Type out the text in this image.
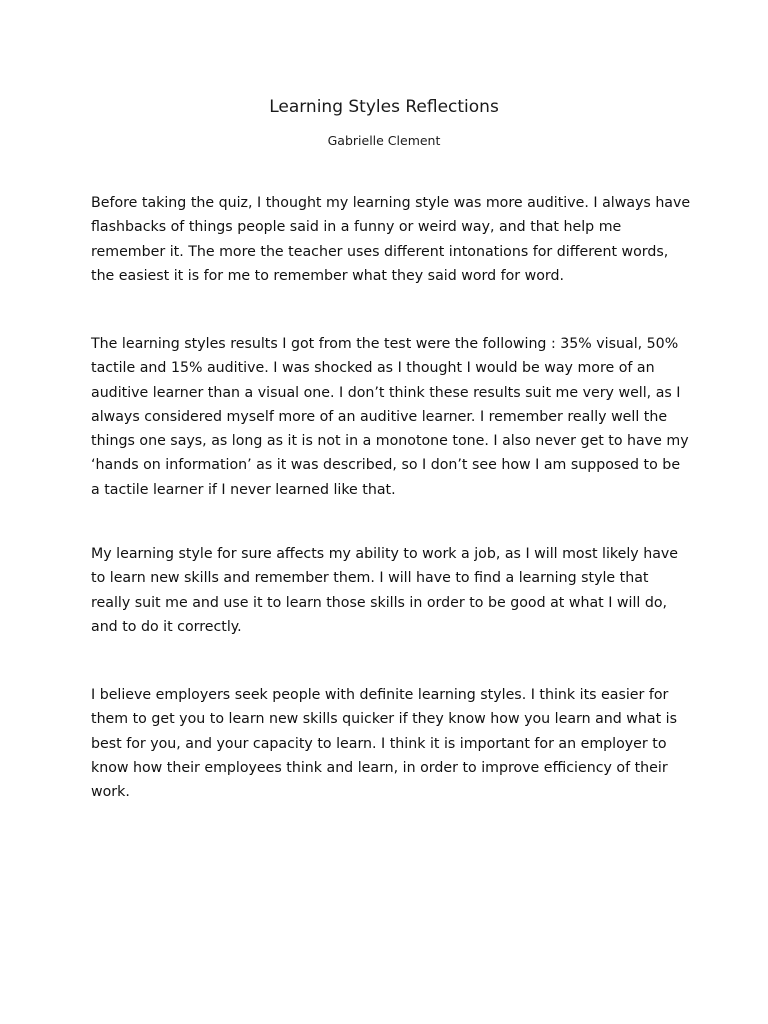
Learning Styles Reflections
Gabrielle Clement

Before taking the quiz, I thought my learning style was more auditive. I always have flashbacks of things people said in a funny or weird way, and that help me remember it. The more the teacher uses different intonations for different words, the easiest it is for me to remember what they said word for word.

The learning styles results I got from the test were the following : 35% visual, 50% tactile and 15% auditive. I was shocked as I thought I would be way more of an auditive learner than a visual one. I don’t think these results suit me very well, as I always considered myself more of an auditive learner. I remember really well the things one says, as long as it is not in a monotone tone. I also never get to have my ‘hands on information’ as it was described, so I don’t see how I am supposed to be a tactile learner if I never learned like that.

My learning style for sure affects my ability to work a job, as I will most likely have to learn new skills and remember them. I will have to find a learning style that really suit me and use it to learn those skills in order to be good at what I will do, and to do it correctly.

I believe employers seek people with definite learning styles. I think its easier for them to get you to learn new skills quicker if they know how you learn and what is best for you, and your capacity to learn. I think it is important for an employer to know how their employees think and learn, in order to improve efficiency of their work.
